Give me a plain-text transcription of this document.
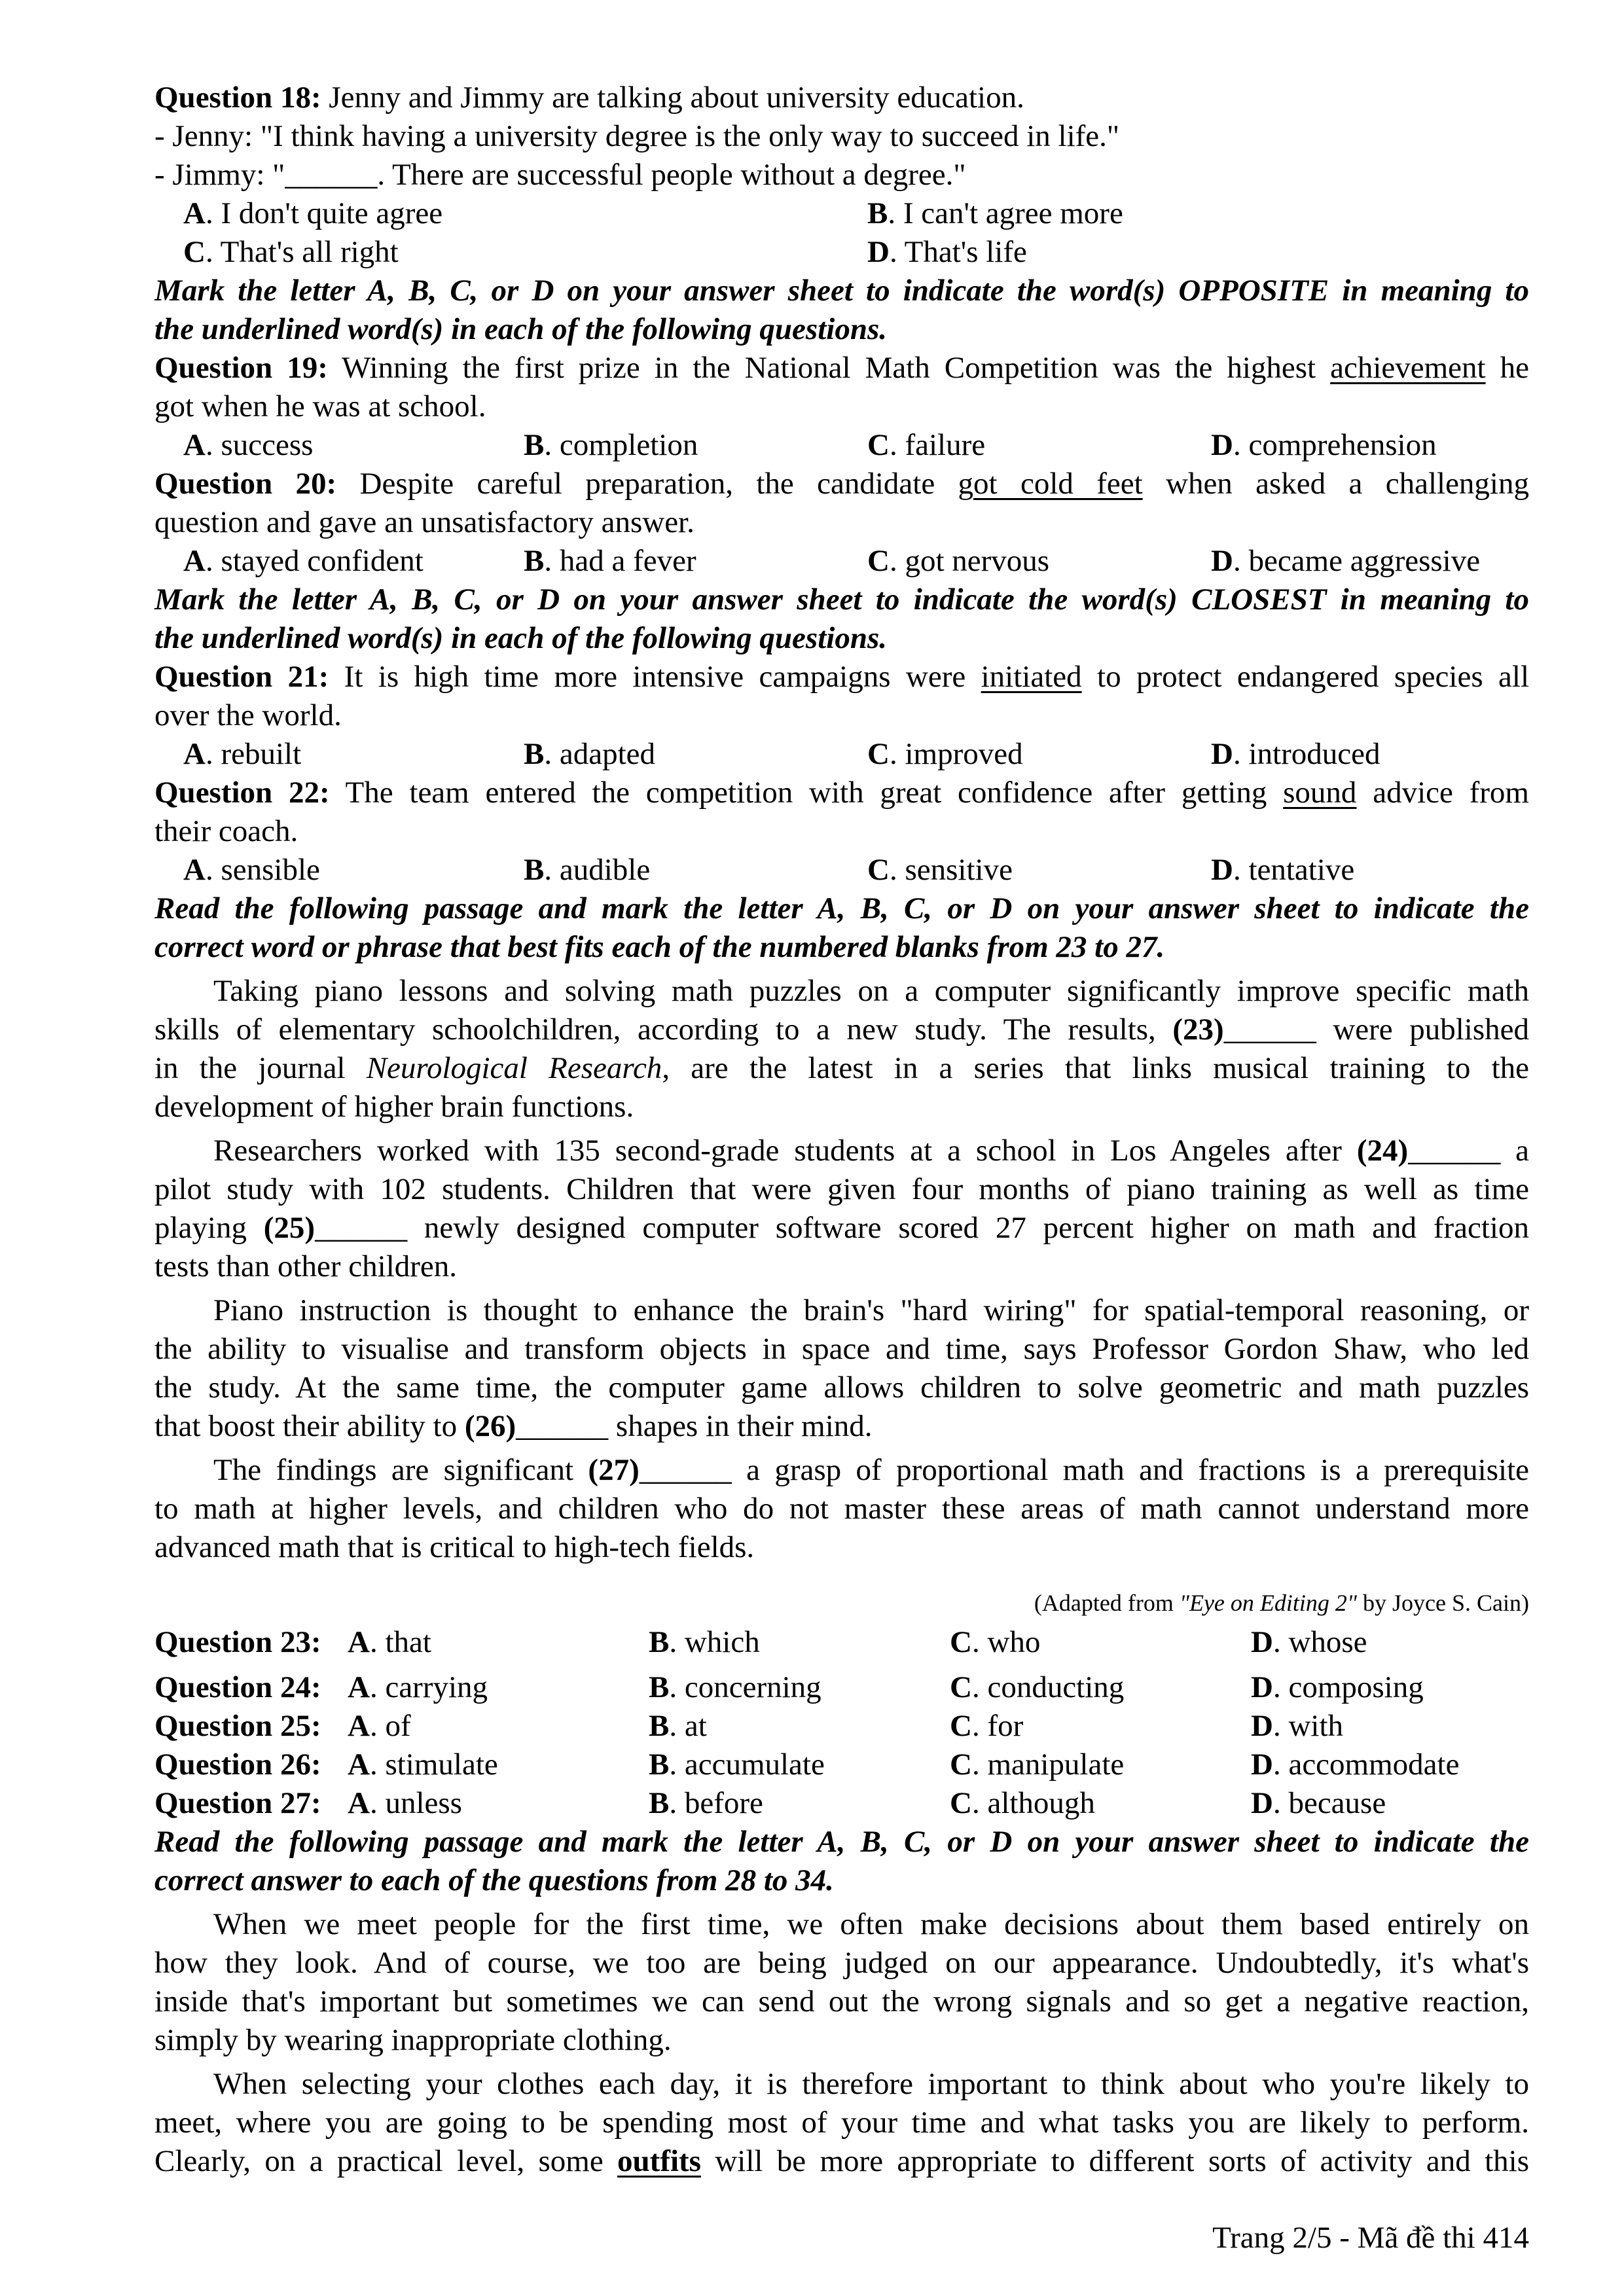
Question 18: Jenny and Jimmy are talking about university education.
- Jenny: "I think having a university degree is the only way to succeed in life."
- Jimmy: "______. There are successful people without a degree."
A. I don't quite agree	B. I can't agree more
C. That's all right	D. That's life
Mark the letter A, B, C, or D on your answer sheet to indicate the word(s) OPPOSITE in meaning to
the underlined word(s) in each of the following questions.
Question 19: Winning the first prize in the National Math Competition was the highest achievement he
got when he was at school.
A. success	B. completion	C. failure	D. comprehension
Question 20: Despite careful preparation, the candidate got cold feet when asked a challenging
question and gave an unsatisfactory answer.
A. stayed confident	B. had a fever	C. got nervous	D. became aggressive
Mark the letter A, B, C, or D on your answer sheet to indicate the word(s) CLOSEST in meaning to
the underlined word(s) in each of the following questions.
Question 21: It is high time more intensive campaigns were initiated to protect endangered species all
over the world.
A. rebuilt	B. adapted	C. improved	D. introduced
Question 22: The team entered the competition with great confidence after getting sound advice from
their coach.
A. sensible	B. audible	C. sensitive	D. tentative
Read the following passage and mark the letter A, B, C, or D on your answer sheet to indicate the
correct word or phrase that best fits each of the numbered blanks from 23 to 27.
Taking piano lessons and solving math puzzles on a computer significantly improve specific math
skills of elementary schoolchildren, according to a new study. The results, (23)______ were published
in the journal Neurological Research, are the latest in a series that links musical training to the
development of higher brain functions.
Researchers worked with 135 second-grade students at a school in Los Angeles after (24)______ a
pilot study with 102 students. Children that were given four months of piano training as well as time
playing (25)______ newly designed computer software scored 27 percent higher on math and fraction
tests than other children.
Piano instruction is thought to enhance the brain's "hard wiring" for spatial-temporal reasoning, or
the ability to visualise and transform objects in space and time, says Professor Gordon Shaw, who led
the study. At the same time, the computer game allows children to solve geometric and math puzzles
that boost their ability to (26)______ shapes in their mind.
The findings are significant (27)______ a grasp of proportional math and fractions is a prerequisite
to math at higher levels, and children who do not master these areas of math cannot understand more
advanced math that is critical to high-tech fields.
(Adapted from "Eye on Editing 2" by Joyce S. Cain)
Question 23: A. that	B. which	C. who	D. whose
Question 24: A. carrying	B. concerning	C. conducting	D. composing
Question 25: A. of	B. at	C. for	D. with
Question 26: A. stimulate	B. accumulate	C. manipulate	D. accommodate
Question 27: A. unless	B. before	C. although	D. because
Read the following passage and mark the letter A, B, C, or D on your answer sheet to indicate the
correct answer to each of the questions from 28 to 34.
When we meet people for the first time, we often make decisions about them based entirely on
how they look. And of course, we too are being judged on our appearance. Undoubtedly, it's what's
inside that's important but sometimes we can send out the wrong signals and so get a negative reaction,
simply by wearing inappropriate clothing.
When selecting your clothes each day, it is therefore important to think about who you're likely to
meet, where you are going to be spending most of your time and what tasks you are likely to perform.
Clearly, on a practical level, some outfits will be more appropriate to different sorts of activity and this
Trang 2/5 - Mã đề thi 414
